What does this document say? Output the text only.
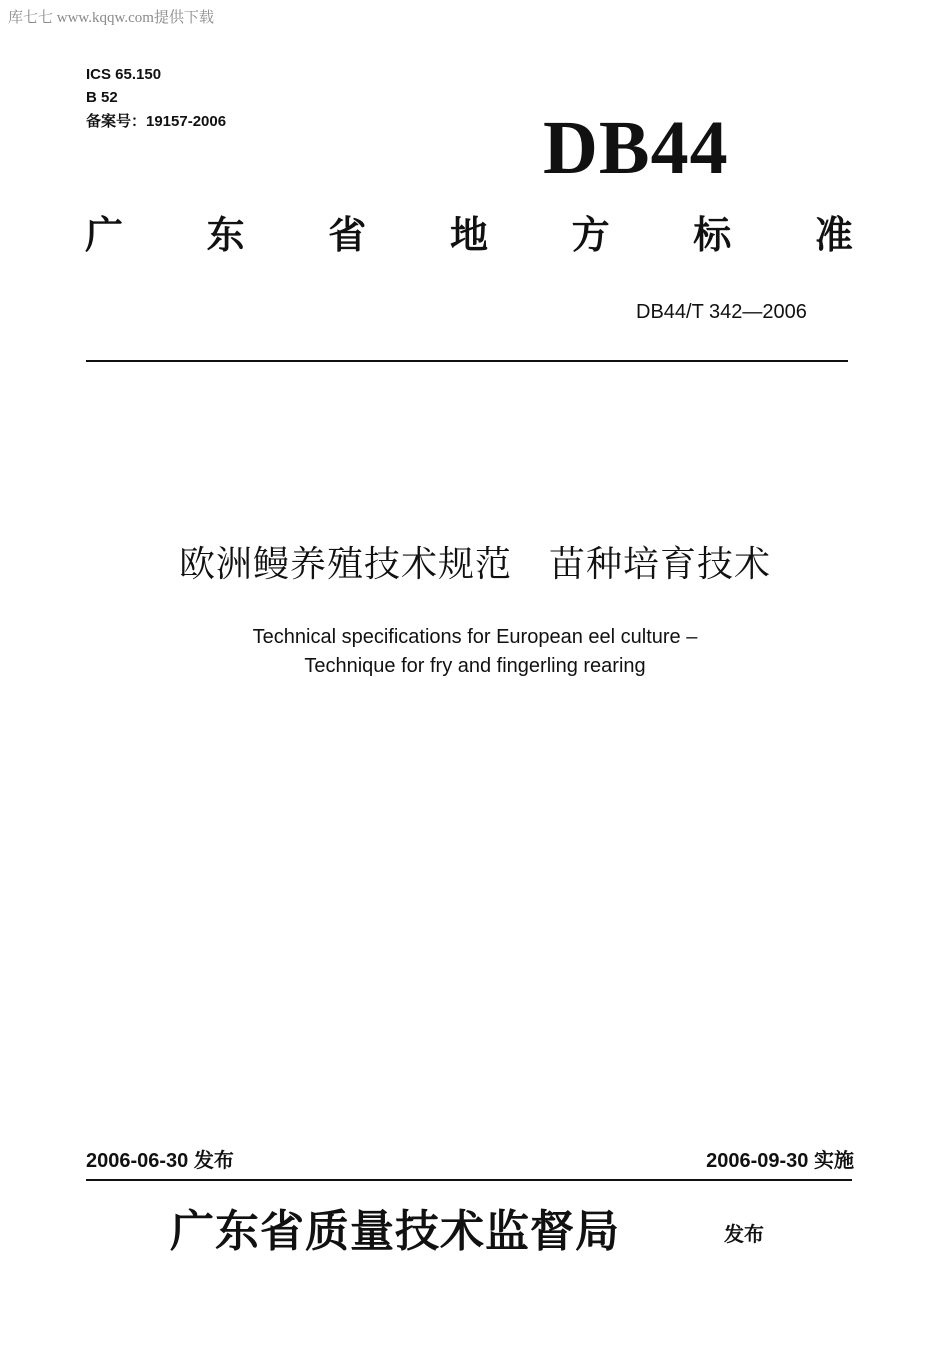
库七七 www.kqqw.com提供下载
ICS 65.150
B 52
备案号：19157-2006	DB44
广 东 省 地 方 标 准
DB44/T 342—2006
欧洲鳗养殖技术规范　苗种培育技术
Technical specifications for European eel culture –
Technique for fry and fingerling rearing
2006-06-30 发布	2006-09-30 实施
广东省质量技术监督局	发布
